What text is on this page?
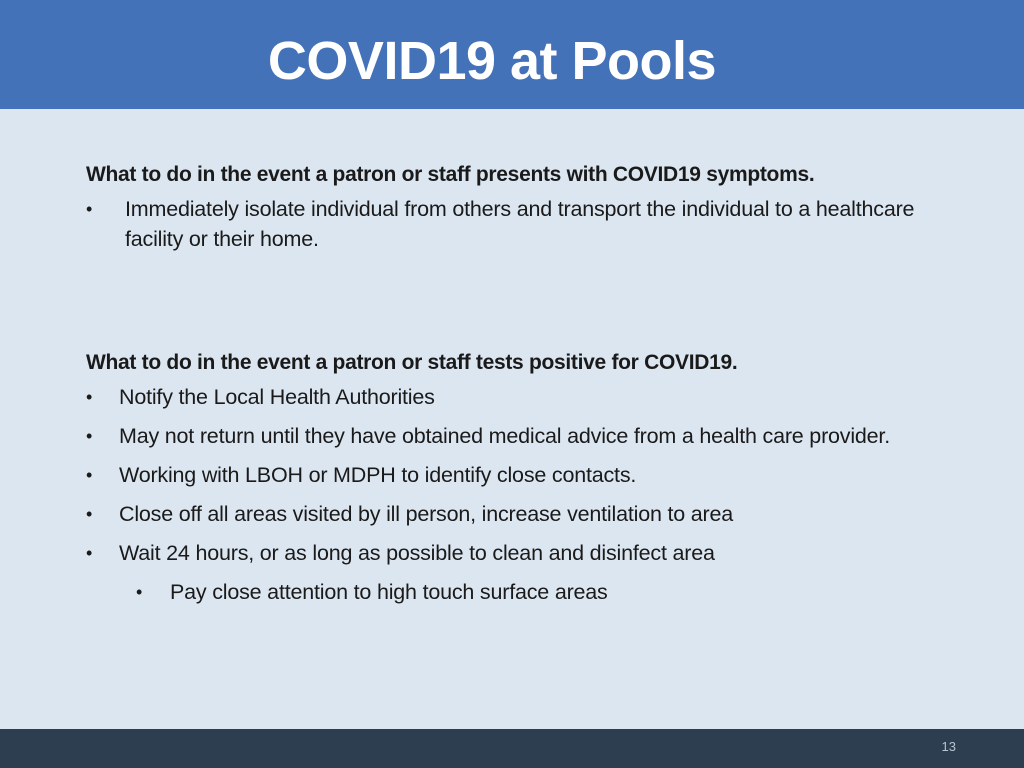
COVID19 at Pools
What to do in the event a patron or staff presents with COVID19 symptoms.
•	Immediately isolate individual from others and transport the individual to a healthcare facility or their home.
What to do in the event a patron or staff tests positive for COVID19.
•	Notify the Local Health Authorities
•	May not return until they have obtained medical advice from a health care provider.
•	Working with LBOH or MDPH to identify close contacts.
•	Close off all areas visited by ill person, increase ventilation to area
•	Wait 24 hours, or as long as possible to clean and disinfect area
•	Pay close attention to high touch surface areas
13
